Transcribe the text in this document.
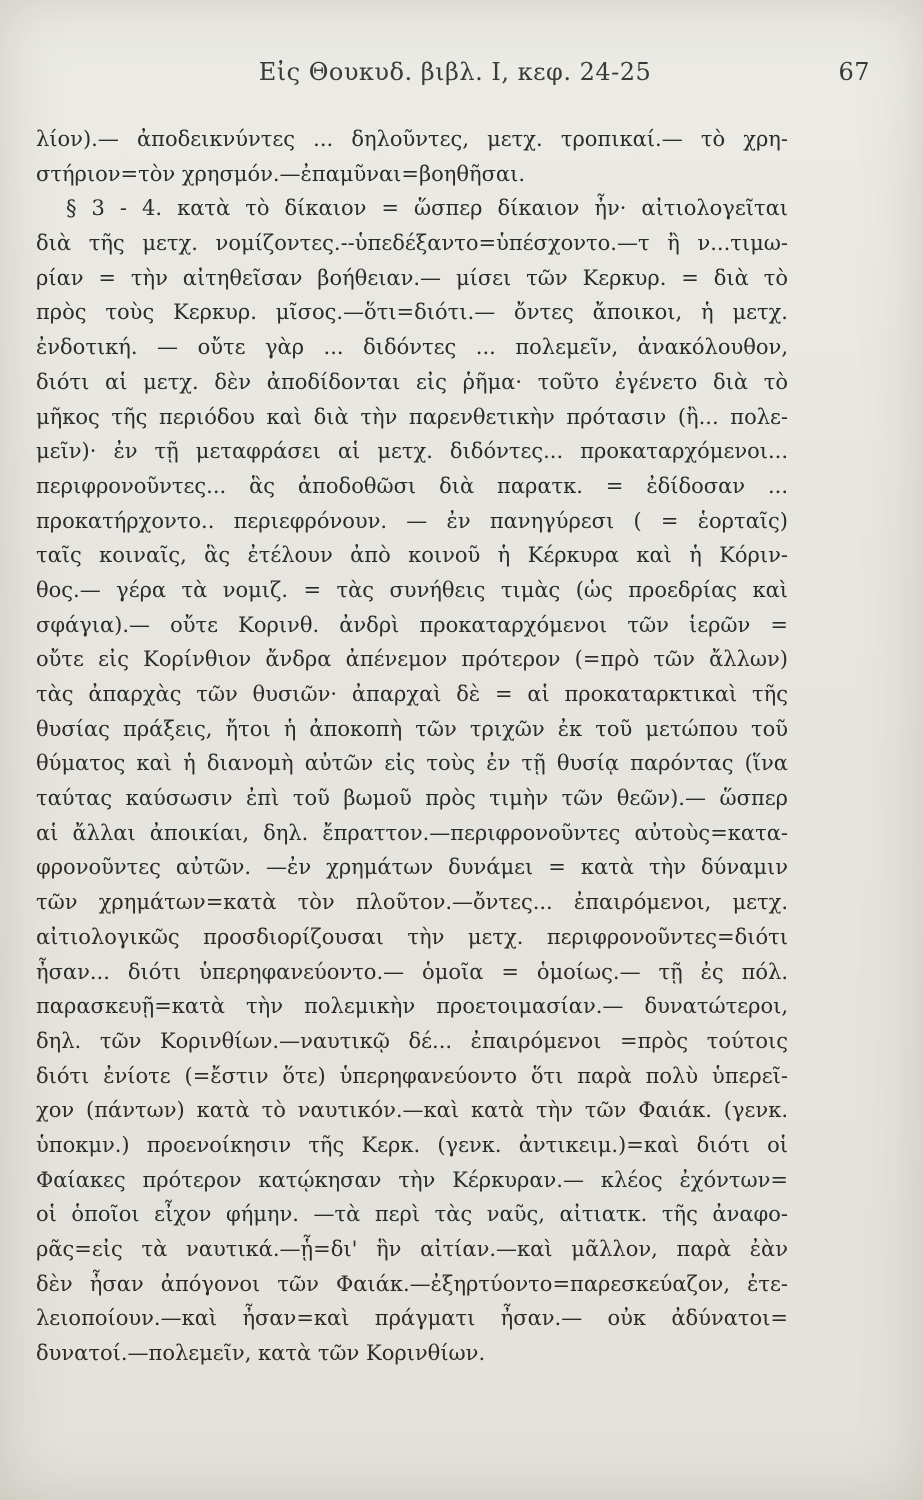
Εἰς Θουκυδ. βιβλ. Ι, κεφ. 24-25	67
λίον).— ἀποδεικνύντες ... δηλοῦντες, μετχ. τροπικαί.— τὸ χρη-
στήριον=τὸν χρησμόν.—ἐπαμῦναι=βοηθῆσαι.
§ 3 - 4. κατὰ τὸ δίκαιον = ὥσπερ δίκαιον ἦν· αἰτιολογεῖται
διὰ τῆς μετχ. νομίζοντες.--ὑπεδέξαντο=ὑπέσχοντο.—τ ἢ ν...τιμω-
ρίαν = τὴν αἰτηθεῖσαν βοήθειαν.— μίσει τῶν Κερκυρ. = διὰ τὸ
πρὸς τοὺς Κερκυρ. μῖσος.—ὅτι=διότι.— ὄντες ἄποικοι, ἡ μετχ.
ἐνδοτική. — οὔτε γὰρ ... διδόντες ... πολεμεῖν, ἀνακόλουθον,
διότι αἱ μετχ. δὲν ἀποδίδονται εἰς ῥῆμα· τοῦτο ἐγένετο διὰ τὸ
μῆκος τῆς περιόδου καὶ διὰ τὴν παρενθετικὴν πρότασιν (ἢ... πολε-
μεῖν)· ἐν τῇ μεταφράσει αἱ μετχ. διδόντες... προκαταρχόμενοι...
περιφρονοῦντες... ἃς ἀποδοθῶσι διὰ παρατκ. = ἐδίδοσαν ...
προκατήρχοντο.. περιεφρόνουν. — ἐν πανηγύρεσι ( = ἑορταῖς)
ταῖς κοιναῖς, ἃς ἐτέλουν ἀπὸ κοινοῦ ἡ Κέρκυρα καὶ ἡ Κόριν-
θος.— γέρα τὰ νομιζ. = τὰς συνήθεις τιμὰς (ὡς προεδρίας καὶ
σφάγια).— οὔτε Κορινθ. ἀνδρὶ προκαταρχόμενοι τῶν ἱερῶν =
οὔτε εἰς Κορίνθιον ἄνδρα ἀπένεμον πρότερον (=πρὸ τῶν ἄλλων)
τὰς ἀπαρχὰς τῶν θυσιῶν· ἀπαρχαὶ δὲ = αἱ προκαταρκτικαὶ τῆς
θυσίας πράξεις, ἤτοι ἡ ἀποκοπὴ τῶν τριχῶν ἐκ τοῦ μετώπου τοῦ
θύματος καὶ ἡ διανομὴ αὐτῶν εἰς τοὺς ἐν τῇ θυσίᾳ παρόντας (ἵνα
ταύτας καύσωσιν ἐπὶ τοῦ βωμοῦ πρὸς τιμὴν τῶν θεῶν).— ὥσπερ
αἱ ἄλλαι ἀποικίαι, δηλ. ἔπραττον.—περιφρονοῦντες αὐτοὺς=κατα-
φρονοῦντες αὐτῶν. —ἐν χρημάτων δυνάμει = κατὰ τὴν δύναμιν
τῶν χρημάτων=κατὰ τὸν πλοῦτον.—ὄντες... ἐπαιρόμενοι, μετχ.
αἰτιολογικῶς προσδιορίζουσαι τὴν μετχ. περιφρονοῦντες=διότι
ἦσαν... διότι ὑπερηφανεύοντο.— ὁμοῖα = ὁμοίως.— τῇ ἐς πόλ.
παρασκευῇ=κατὰ τὴν πολεμικὴν προετοιμασίαν.— δυνατώτεροι,
δηλ. τῶν Κορινθίων.—ναυτικῷ δέ... ἐπαιρόμενοι =πρὸς τούτοις
διότι ἐνίοτε (=ἔστιν ὅτε) ὑπερηφανεύοντο ὅτι παρὰ πολὺ ὑπερεῖ-
χον (πάντων) κατὰ τὸ ναυτικόν.—καὶ κατὰ τὴν τῶν Φαιάκ. (γενκ.
ὑποκμν.) προενοίκησιν τῆς Κερκ. (γενκ. ἀντικειμ.)=καὶ διότι οἱ
Φαίακες πρότερον κατῴκησαν τὴν Κέρκυραν.— κλέος ἐχόντων=
οἱ ὁποῖοι εἶχον φήμην. —τὰ περὶ τὰς ναῦς, αἰτιατκ. τῆς ἀναφο-
ρᾶς=εἰς τὰ ναυτικά.—ᾗ=δι' ἣν αἰτίαν.—καὶ μᾶλλον, παρὰ ἐὰν
δὲν ἦσαν ἀπόγονοι τῶν Φαιάκ.—ἐξηρτύοντο=παρεσκεύαζον, ἐτε-
λειοποίουν.—καὶ ἦσαν=καὶ πράγματι ἦσαν.— οὐκ ἀδύνατοι=
δυνατοί.—πολεμεῖν, κατὰ τῶν Κορινθίων.
